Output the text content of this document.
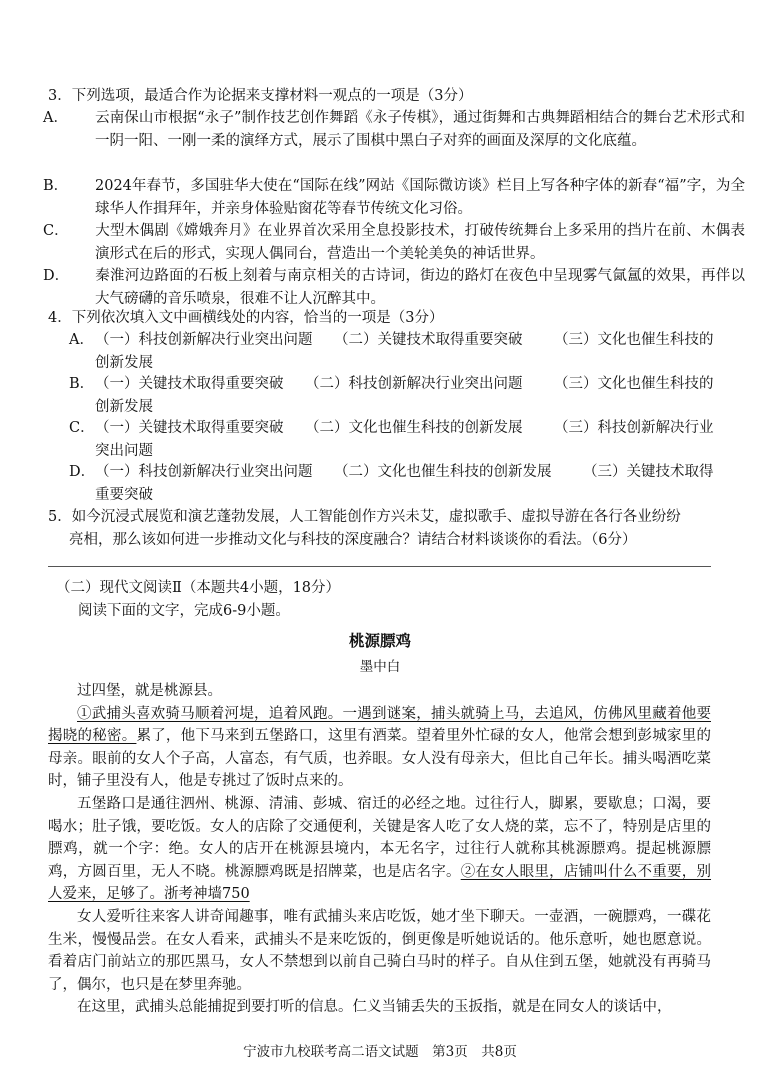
3．下列选项，最适合作为论据来支撑材料一观点的一项是（3分）
A． 云南保山市根据“永子”制作技艺创作舞蹈《永子传棋》，通过街舞和古典舞蹈相结合的舞台艺术形式和一阴一阳、一刚一柔的演绎方式，展示了围棋中黑白子对弈的画面及深厚的文化底蕴。
B． 2024年春节，多国驻华大使在“国际在线”网站《国际微访谈》栏目上写各种字体的新春“福”字，为全球华人作揖拜年，并亲身体验贴窗花等春节传统文化习俗。
C． 大型木偶剧《嫦娥奔月》在业界首次采用全息投影技术，打破传统舞台上多采用的挡片在前、木偶表演形式在后的形式，实现人偶同台，营造出一个美轮美奂的神话世界。
D． 秦淮河边路面的石板上刻着与南京相关的古诗词，街边的路灯在夜色中呈现雾气氤氲的效果，再伴以大气磅礴的音乐喷泉，很难不让人沉醉其中。
4．下列依次填入文中画横线处的内容，恰当的一项是（3分）
A． （一）科技创新解决行业突出问题	（二）关键技术取得重要突破	（三）文化也催生科技的
创新发展
B． （一）关键技术取得重要突破	（二）科技创新解决行业突出问题	（三）文化也催生科技的
创新发展
C． （一）关键技术取得重要突破	（二）文化也催生科技的创新发展	（三）科技创新解决行业
突出问题
D． （一）科技创新解决行业突出问题	（二）文化也催生科技的创新发展	（三）关键技术取得
重要突破
5．如今沉浸式展览和演艺蓬勃发展，人工智能创作方兴未艾，虚拟歌手、虚拟导游在各行各业纷纷
亮相，那么该如何进一步推动文化与科技的深度融合？请结合材料谈谈你的看法。（6分）
（二）现代文阅读Ⅱ（本题共4小题，18分）
阅读下面的文字，完成6-9小题。
桃源膘鸡
墨中白

过四堡，就是桃源县。

①武捕头喜欢骑马顺着河堤，追着风跑。一遇到谜案，捕头就骑上马，去追风，仿佛风里藏着他要揭晓的秘密。累了，他下马来到五堡路口，这里有酒菜。望着里外忙碌的女人，他常会想到彭城家里的母亲。眼前的女人个子高，人富态，有气质，也养眼。女人没有母亲大，但比自己年长。捕头喝酒吃菜时，铺子里没有人，他是专挑过了饭时点来的。

五堡路口是通往泗州、桃源、清浦、彭城、宿迁的必经之地。过往行人，脚累，要歇息；口渴，要喝水；肚子饿，要吃饭。女人的店除了交通便利，关键是客人吃了女人烧的菜，忘不了，特别是店里的膘鸡，就一个字：绝。女人的店开在桃源县境内，本无名字，过往行人就称其桃源膘鸡。提起桃源膘鸡，方圆百里，无人不晓。桃源膘鸡既是招牌菜，也是店名字。②在女人眼里，店铺叫什么不重要，别人爱来，足够了。浙考神墙750

女人爱听往来客人讲奇闻趣事，唯有武捕头来店吃饭，她才坐下聊天。一壶酒，一碗膘鸡，一碟花生米，慢慢品尝。在女人看来，武捕头不是来吃饭的，倒更像是听她说话的。他乐意听，她也愿意说。看着店门前站立的那匹黑马，女人不禁想到以前自己骑白马时的样子。自从住到五堡，她就没有再骑马了，偶尔，也只是在梦里奔驰。

在这里，武捕头总能捕捉到要打听的信息。仁义当铺丢失的玉扳指，就是在同女人的谈话中，

宁波市九校联考高二语文试题　第3页　共8页
